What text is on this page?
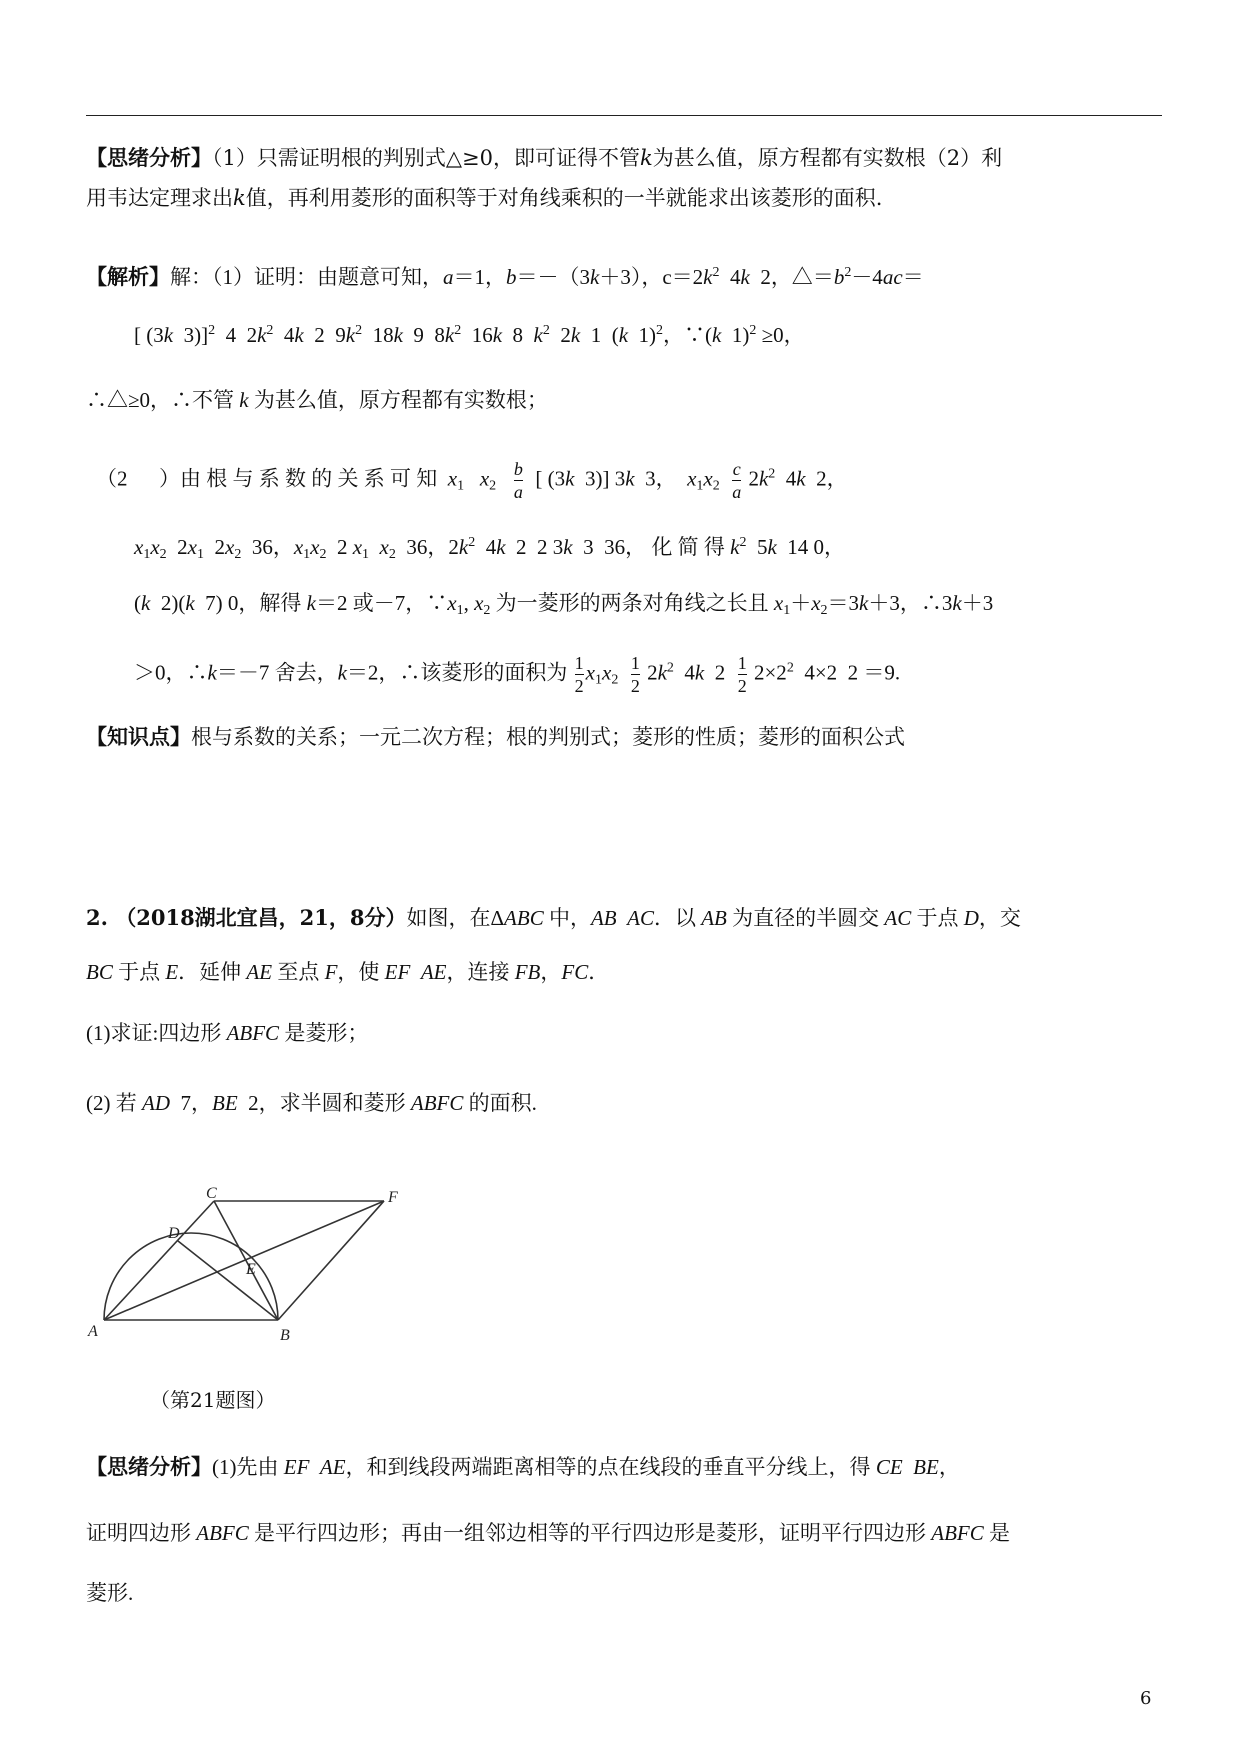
【思绪分析】（1）只需证明根的判别式△≥0，即可证得不管k为甚么值，原方程都有实数根（2）利
用韦达定理求出k值，再利用菱形的面积等于对角线乘积的一半就能求出该菱形的面积.
【解析】解：（1）证明：由题意可知，a＝1，b＝－（3k＋3），$c=2k^2$  4k  2，$\triangle=b^2-4ac=$
[ (3k  3)]$^2$  4  $2k^2$  4k  2  $9k^2$  18k  9  $8k^2$  16k  8  $k^2$  2k  1  (k  1)$^2$，∵(k  1)$^2$ ≥0，
∴△≥0，∴不管 k 为甚么值，原方程都有实数根；
（2      ）由 根 与 系 数 的 关 系 可 知  $x_1$ $x_2 \frac{b}{a}$ [ (3k  3)] 3k  3，  $x_1x_2 \frac{c}{a} 2k^2$  4k  2，
$x_1x_2$  $2x_1$  $2x_2$  36，$x_1x_2$  2 $x_1$ $x_2$  36，$2k^2$  4k  2  2 3k  3  36， 化 简 得 $k^2$  5k  14 0，
(k  2)(k  7) 0，解得 k＝2 或－7，$\because x_1$, $x_2$ 为一菱形的两条对角线之长且 $x_1+x_2=3k+3$，∴3k＋3
＞0，∴k＝－7 舍去，k＝2，∴该菱形的面积为 $\frac{1}{2} x_1x_2 \frac{1}{2} 2k^2$  4k  $2 \frac{1}{2} 2\times 2^2$  4×2  2 ＝9.
【知识点】根与系数的关系；一元二次方程；根的判别式；菱形的性质；菱形的面积公式
2. （2018湖北宜昌，21，8分）如图，在ΔABC 中，AB AC．以 AB 为直径的半圆交 AC 于点 D，交
BC 于点 E．延伸 AE 至点 F，使 EF AE，连接 FB，FC．
(1)求证:四边形 ABFC 是菱形；
(2) 若 AD  7，BE  2，求半圆和菱形 ABFC 的面积.
A	B
C
D
E
F
（第21题图）
【思绪分析】(1)先由 EF AE，和到线段两端距离相等的点在线段的垂直平分线上，得 CE BE，
证明四边形 ABFC 是平行四边形；再由一组邻边相等的平行四边形是菱形，证明平行四边形 ABFC 是
菱形.
6
